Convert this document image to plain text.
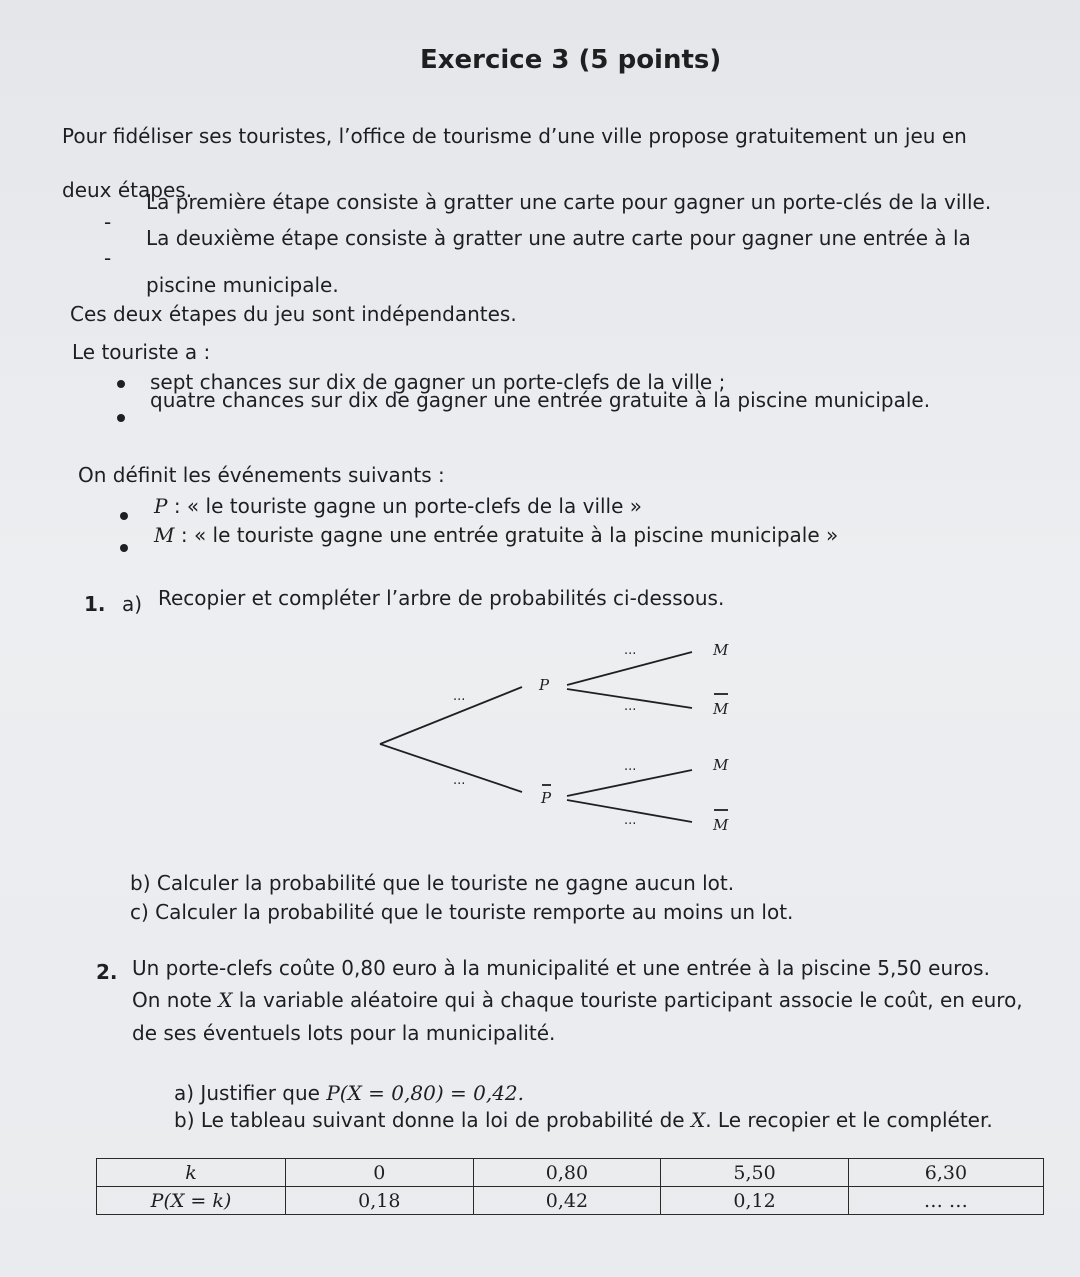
Exercice 3 (5 points)
Pour fidéliser ses touristes, l’office de tourisme d’une ville propose gratuitement un jeu en
deux étapes.
-
La première étape consiste à gratter une carte pour gagner un porte-clés de la ville.
-
La deuxième étape consiste à gratter une autre carte pour gagner une entrée à la
piscine municipale.
Ces deux étapes du jeu sont indépendantes.
Le touriste a :
sept chances sur dix de gagner un porte-clefs de la ville ;
quatre chances sur dix de gagner une entrée gratuite à la piscine municipale.
On définit les événements suivants :
P : « le touriste gagne un porte-clefs de la ville »
M : « le touriste gagne une entrée gratuite à la piscine municipale »
1. a) Recopier et compléter l’arbre de probabilités ci-dessous.
P
P
M
M
M
M
...
...
...
...
...
...
b) Calculer la probabilité que le touriste ne gagne aucun lot.
c) Calculer la probabilité que le touriste remporte au moins un lot.
2. Un porte-clefs coûte 0,80 euro à la municipalité et une entrée à la piscine 5,50 euros.
On note X la variable aléatoire qui à chaque touriste participant associe le coût, en euro,
de ses éventuels lots pour la municipalité.
a) Justifier que P(X = 0,80) = 0,42.
b) Le tableau suivant donne la loi de probabilité de X. Le recopier et le compléter.
k	0	0,80	5,50	6,30
P(X = k)	0,18	0,42	0,12	… …
